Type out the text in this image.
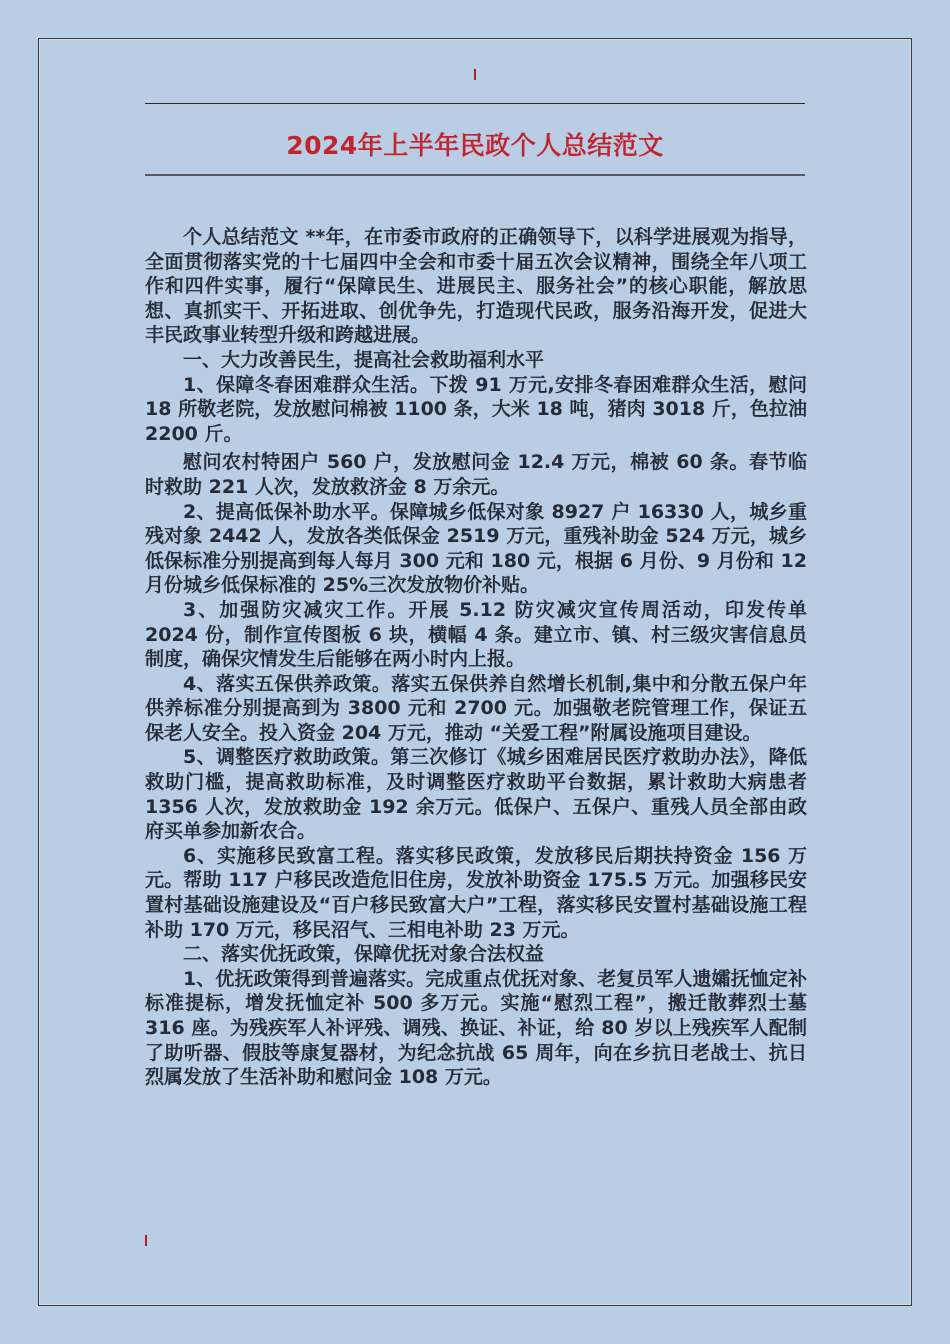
2024年上半年民政个人总结范文

个人总结范文 **年，在市委市政府的正确领导下，以科学进展观为指导，全面贯彻落实党的十七届四中全会和市委十届五次会议精神，围绕全年八项工作和四件实事，履行“保障民生、进展民主、服务社会”的核心职能，解放思想、真抓实干、开拓进取、创优争先，打造现代民政，服务沿海开发，促进大丰民政事业转型升级和跨越进展。

一、大力改善民生，提高社会救助福利水平

1、保障冬春困难群众生活。下拨 91 万元,安排冬春困难群众生活，慰问 18 所敬老院，发放慰问棉被 1100 条，大米 18 吨，猪肉 3018 斤，色拉油 2200 斤。

慰问农村特困户 560 户，发放慰问金 12.4 万元，棉被 60 条。春节临时救助 221 人次，发放救济金 8 万余元。

2、提高低保补助水平。保障城乡低保对象 8927 户 16330 人，城乡重残对象 2442 人，发放各类低保金 2519 万元，重残补助金 524 万元，城乡低保标准分别提高到每人每月 300 元和 180 元，根据 6 月份、9 月份和 12 月份城乡低保标准的 25%三次发放物价补贴。

3、加强防灾减灾工作。开展 5.12 防灾减灾宣传周活动，印发传单 2024 份，制作宣传图板 6 块，横幅 4 条。建立市、镇、村三级灾害信息员制度，确保灾情发生后能够在两小时内上报。

4、落实五保供养政策。落实五保供养自然增长机制,集中和分散五保户年供养标准分别提高到为 3800 元和 2700 元。加强敬老院管理工作，保证五保老人安全。投入资金 204 万元，推动 “关爱工程”附属设施项目建设。

5、调整医疗救助政策。第三次修订《城乡困难居民医疗救助办法》，降低救助门槛，提高救助标准，及时调整医疗救助平台数据，累计救助大病患者 1356 人次，发放救助金 192 余万元。低保户、五保户、重残人员全部由政府买单参加新农合。

6、实施移民致富工程。落实移民政策，发放移民后期扶持资金 156 万元。帮助 117 户移民改造危旧住房，发放补助资金 175.5 万元。加强移民安置村基础设施建设及“百户移民致富大户”工程，落实移民安置村基础设施工程补助 170 万元，移民沼气、三相电补助 23 万元。

二、落实优抚政策，保障优抚对象合法权益

1、优抚政策得到普遍落实。完成重点优抚对象、老复员军人遗孀抚恤定补标准提标，增发抚恤定补 500 多万元。实施“慰烈工程”，搬迁散葬烈士墓 316 座。为残疾军人补评残、调残、换证、补证，给 80 岁以上残疾军人配制了助听器、假肢等康复器材，为纪念抗战 65 周年，向在乡抗日老战士、抗日烈属发放了生活补助和慰问金 108 万元。
